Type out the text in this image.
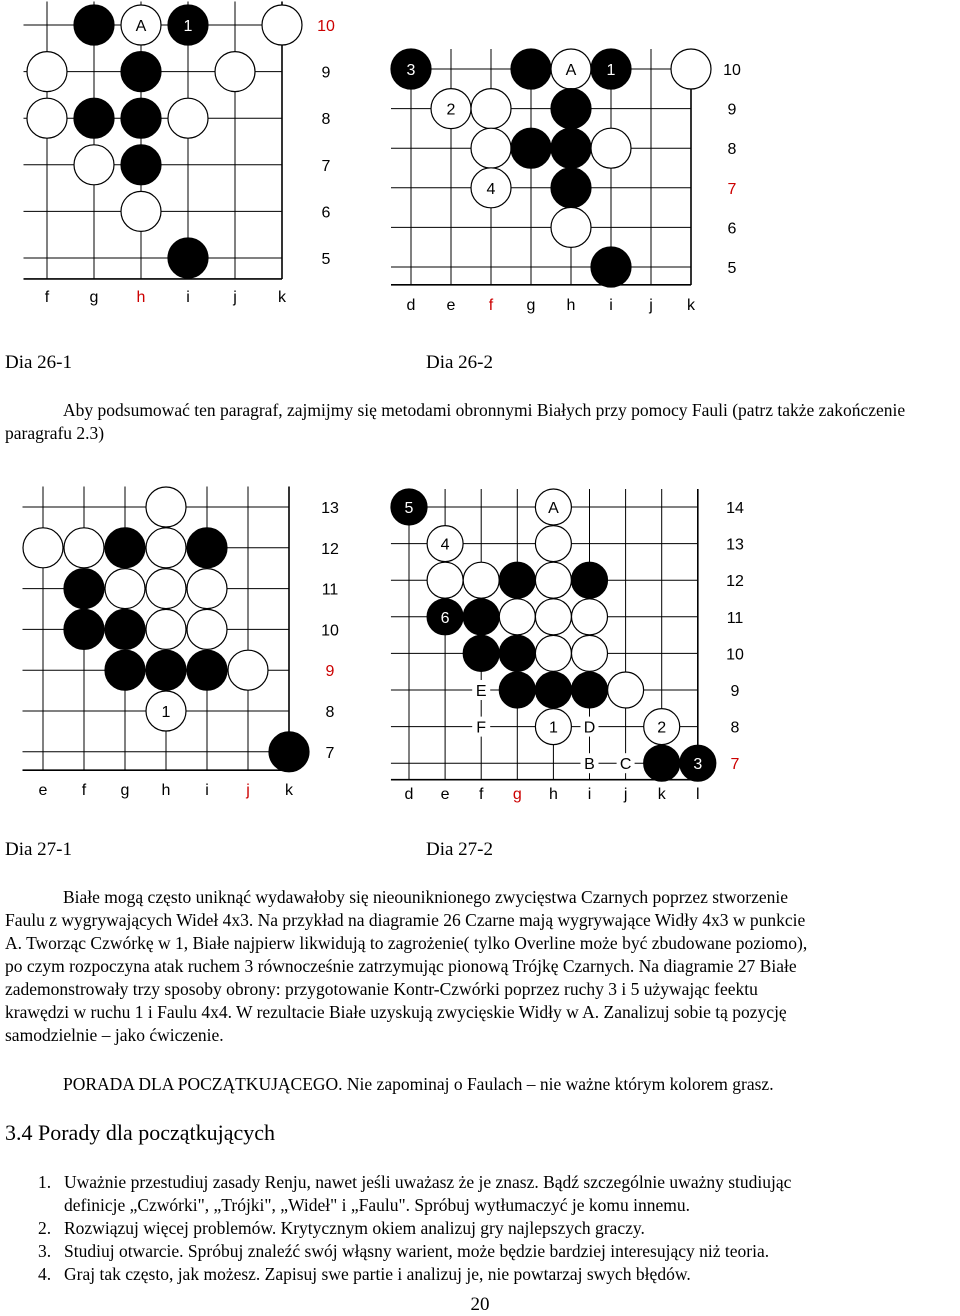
10
9
8
7
6
5
f	g h	i	j	k
A 1
10
9
8
7
6
5
d e f g h i j k
3	A 1
2
4
13
12
11
10
9
8
7
e f g h i j k
1
14
13
12
11
10
9
8
7
d e f g h i j k l
E
F	D
B C
5	A
4
6
1	2
3
Dia 26-1	Dia 26-2
Aby podsumować ten paragraf, zajmijmy się metodami obronnymi Białych przy pomocy Fauli (patrz także zakończenie paragrafu 2.3)
Dia 27-1	Dia 27-2
Białe mogą często uniknąć wydawałoby się nieouniknionego zwycięstwa Czarnych poprzez stworzenie
Faulu z wygrywających Wideł 4x3. Na przykład na diagramie 26 Czarne mają wygrywające Widły 4x3 w punkcie
A. Tworząc Czwórkę w 1, Białe najpierw likwidują to zagrożenie( tylko Overline może być zbudowane poziomo),
po czym rozpoczyna atak ruchem 3 równocześnie zatrzymując pionową Trójkę Czarnych. Na diagramie 27 Białe
zademonstrowały trzy sposoby obrony: przygotowanie Kontr-Czwórki poprzez ruchy 3 i 5 używając feektu
krawędzi w ruchu 1 i Faulu 4x4. W rezultacie Białe uzyskują zwycięskie Widły w A. Zanalizuj sobie tą pozycję
samodzielnie – jako ćwiczenie.
PORADA DLA POCZĄTKUJĄCEGO. Nie zapominaj o Faulach – nie ważne którym kolorem grasz.
3.4 Porady dla początkujących
1. Uważnie przestudiuj zasady Renju, nawet jeśli uważasz że je znasz. Bądź szczególnie uważny studiując
definicje „Czwórki", „Trójki", „Wideł" i „Faulu". Spróbuj wytłumaczyć je komu innemu.
2. Rozwiązuj więcej problemów. Krytycznym okiem analizuj gry najlepszych graczy.
3. Studiuj otwarcie. Spróbuj znaleźć swój włąsny warient, może będzie bardziej interesujący niż teoria.
4. Graj tak często, jak możesz. Zapisuj swe partie i analizuj je, nie powtarzaj swych błędów.
20
